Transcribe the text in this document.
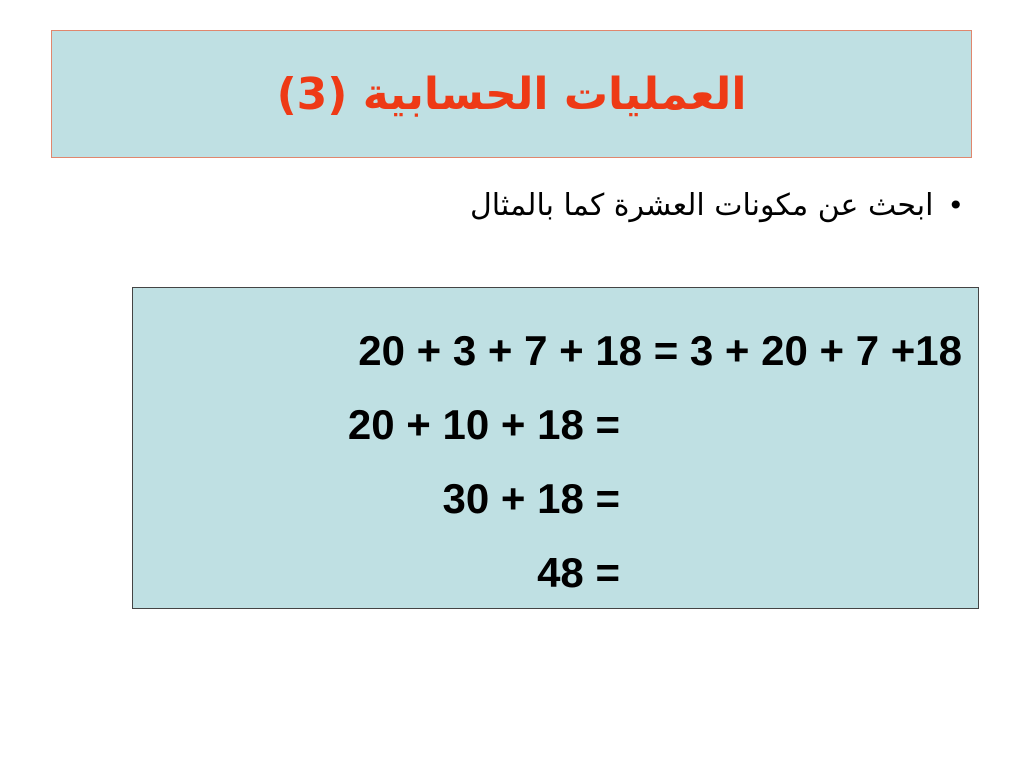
العمليات الحسابية (3)
•
ابحث عن مكونات العشرة كما بالمثال
20 + 3 + 7 + 18 = 3 + 20 + 7 +18
20 + 10 + 18 =
30 + 18 =
48 =
